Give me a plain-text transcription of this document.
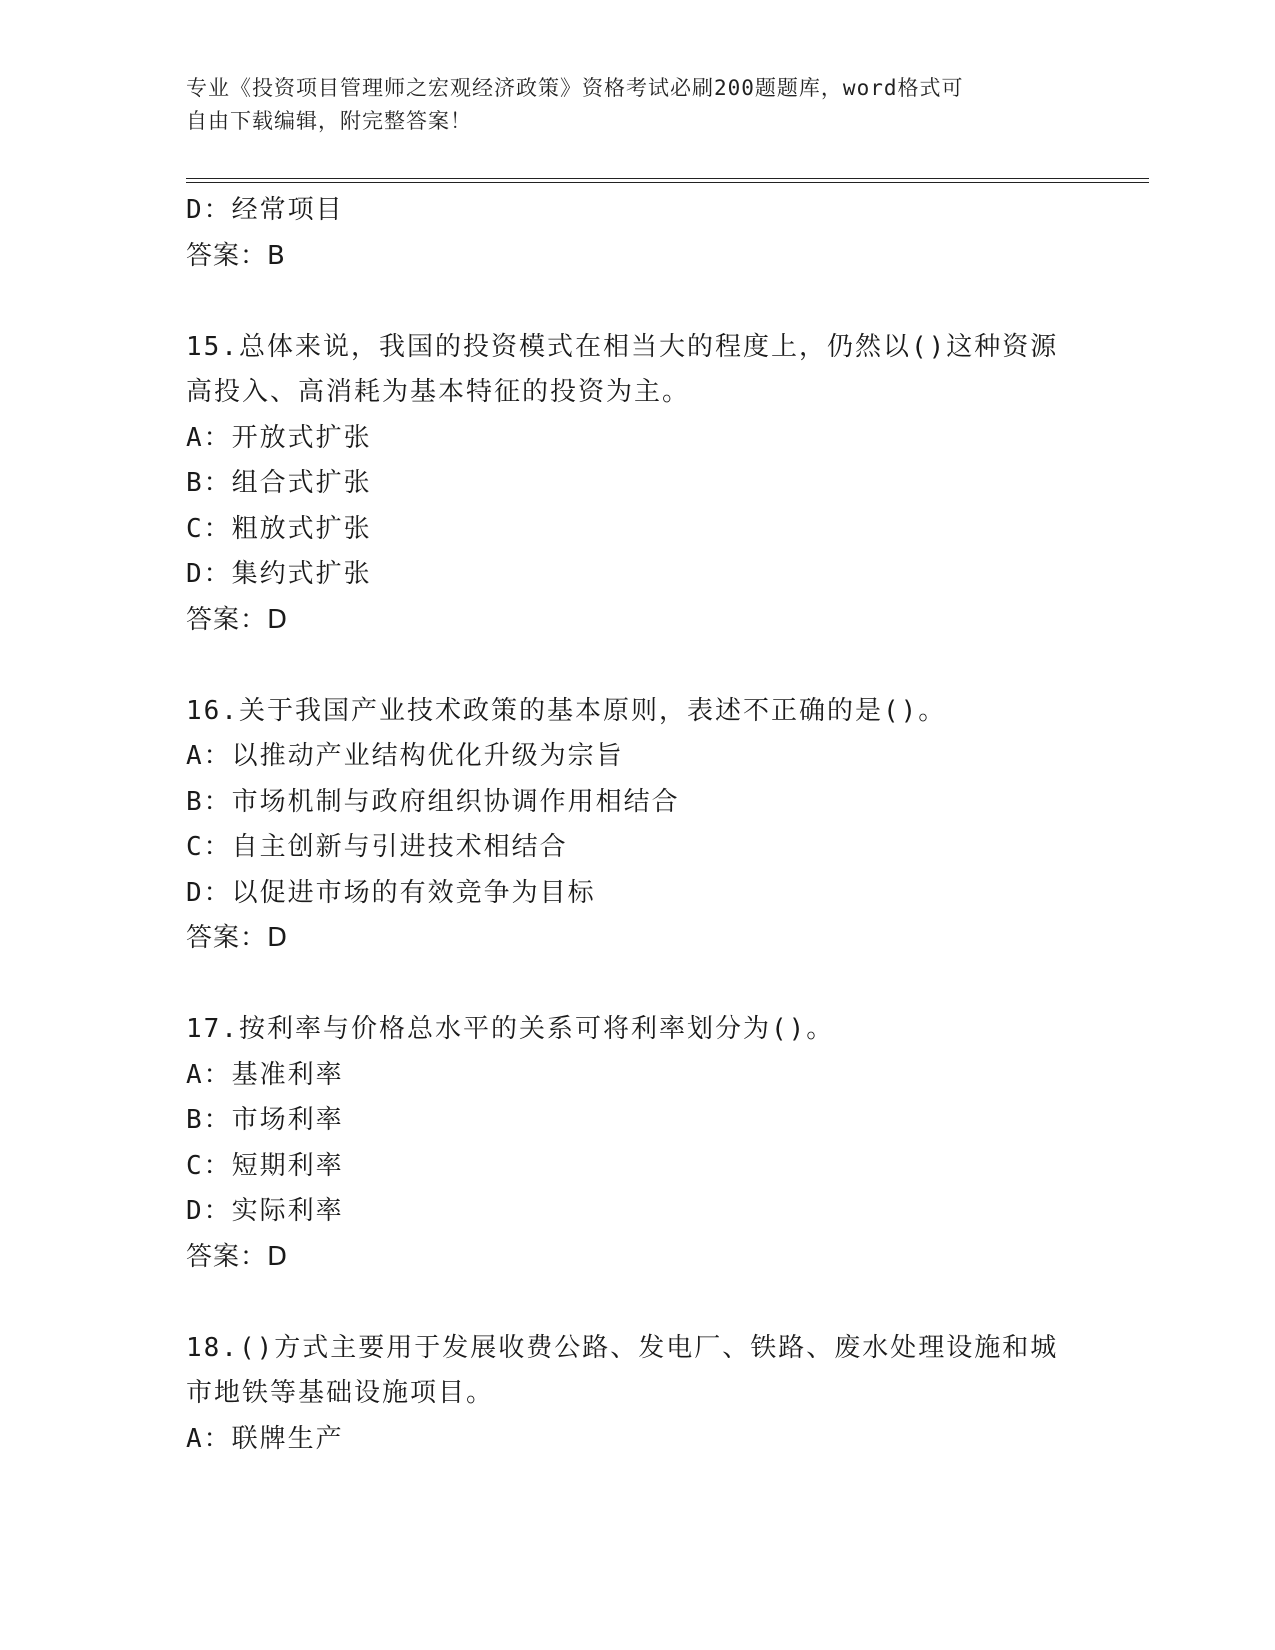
专业《投资项目管理师之宏观经济政策》资格考试必刷200题题库，word格式可
自由下载编辑，附完整答案！
D：经常项目
答案：B
15.总体来说，我国的投资模式在相当大的程度上，仍然以()这种资源
高投入、高消耗为基本特征的投资为主。
A：开放式扩张
B：组合式扩张
C：粗放式扩张
D：集约式扩张
答案：D
16.关于我国产业技术政策的基本原则，表述不正确的是()。
A：以推动产业结构优化升级为宗旨
B：市场机制与政府组织协调作用相结合
C：自主创新与引进技术相结合
D：以促进市场的有效竞争为目标
答案：D
17.按利率与价格总水平的关系可将利率划分为()。
A：基准利率
B：市场利率
C：短期利率
D：实际利率
答案：D
18.()方式主要用于发展收费公路、发电厂、铁路、废水处理设施和城
市地铁等基础设施项目。
A：联牌生产
